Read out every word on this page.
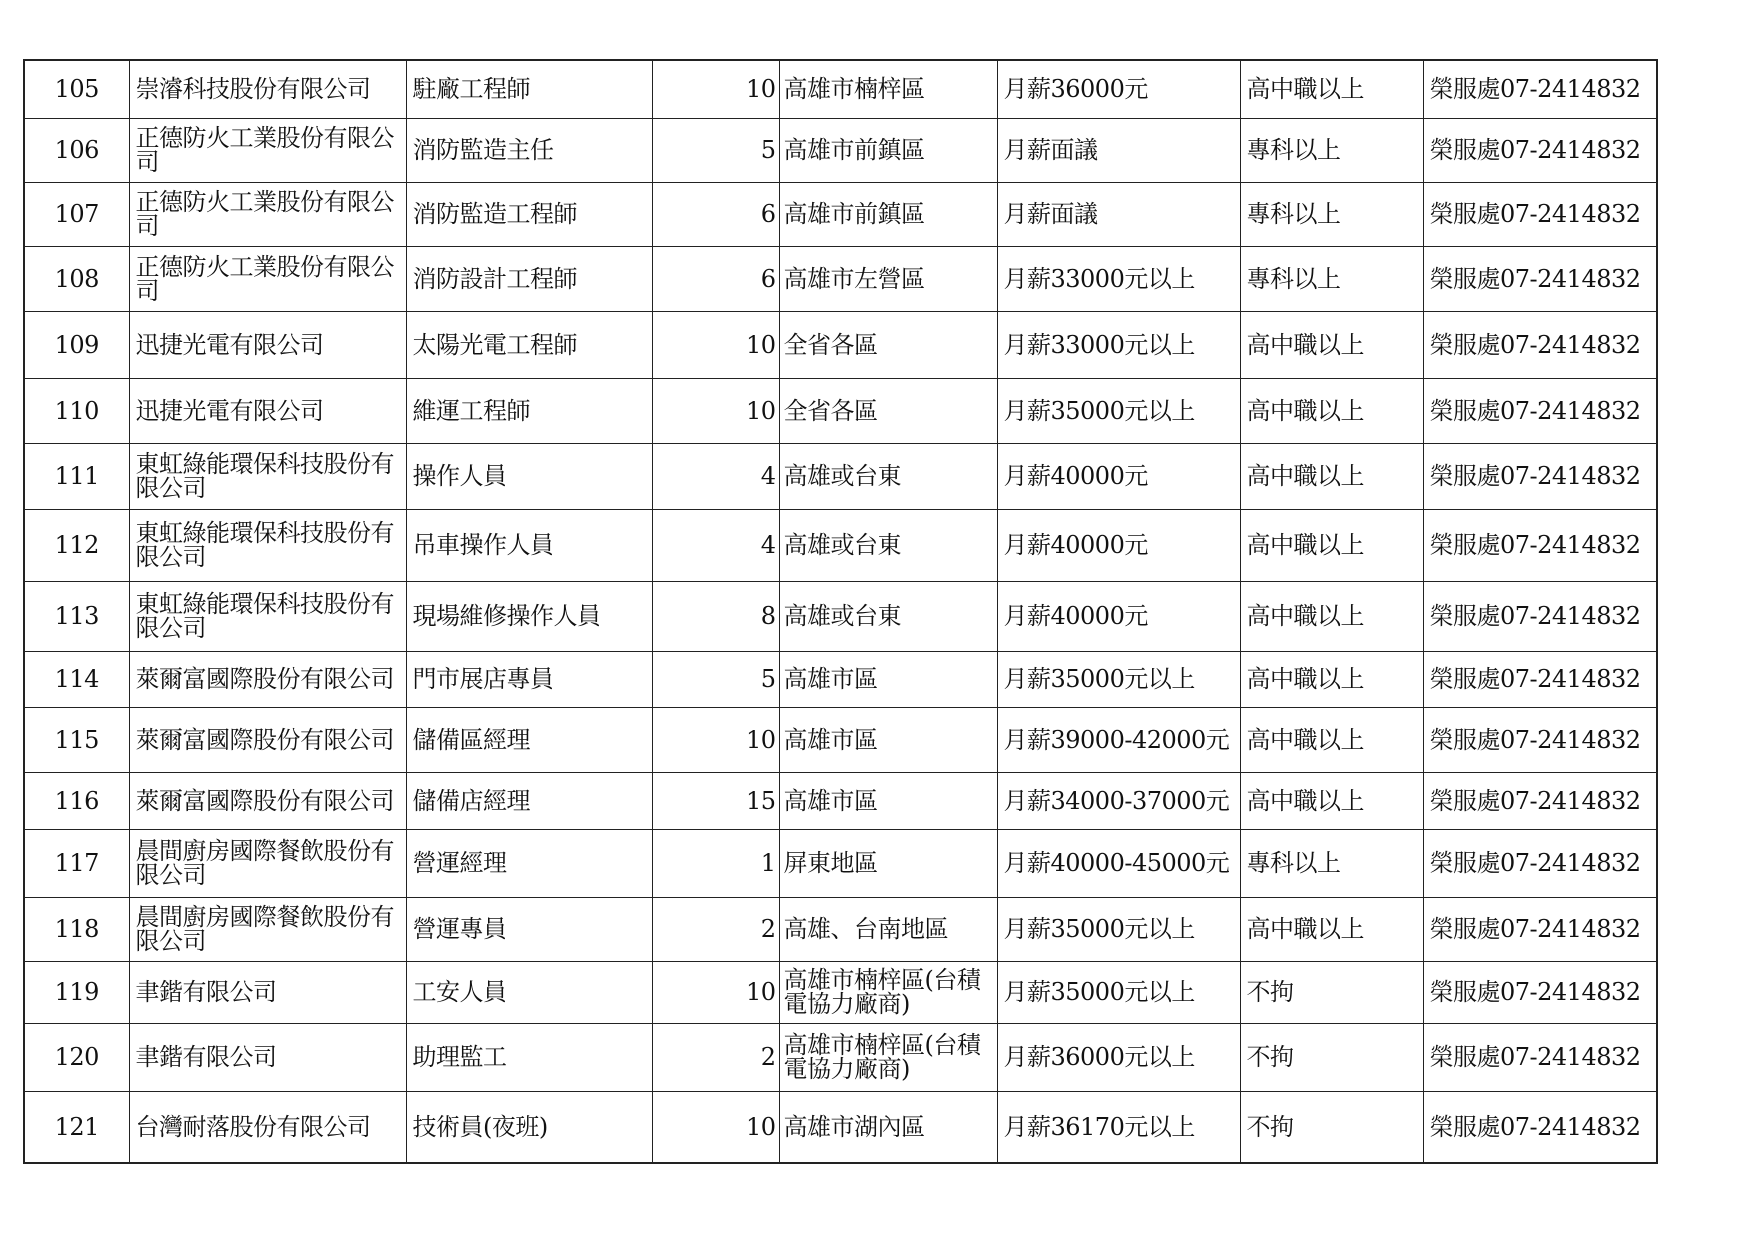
105	崇濬科技股份有限公司	駐廠工程師	10	高雄市楠梓區	月薪36000元	高中職以上	榮服處07-2414832
106	正德防火工業股份有限公司	消防監造主任	5	高雄市前鎮區	月薪面議	專科以上	榮服處07-2414832
107	正德防火工業股份有限公司	消防監造工程師	6	高雄市前鎮區	月薪面議	專科以上	榮服處07-2414832
108	正德防火工業股份有限公司	消防設計工程師	6	高雄市左營區	月薪33000元以上	專科以上	榮服處07-2414832
109	迅捷光電有限公司	太陽光電工程師	10	全省各區	月薪33000元以上	高中職以上	榮服處07-2414832
110	迅捷光電有限公司	維運工程師	10	全省各區	月薪35000元以上	高中職以上	榮服處07-2414832
111	東虹綠能環保科技股份有限公司	操作人員	4	高雄或台東	月薪40000元	高中職以上	榮服處07-2414832
112	東虹綠能環保科技股份有限公司	吊車操作人員	4	高雄或台東	月薪40000元	高中職以上	榮服處07-2414832
113	東虹綠能環保科技股份有限公司	現場維修操作人員	8	高雄或台東	月薪40000元	高中職以上	榮服處07-2414832
114	萊爾富國際股份有限公司	門市展店專員	5	高雄市區	月薪35000元以上	高中職以上	榮服處07-2414832
115	萊爾富國際股份有限公司	儲備區經理	10	高雄市區	月薪39000-42000元	高中職以上	榮服處07-2414832
116	萊爾富國際股份有限公司	儲備店經理	15	高雄市區	月薪34000-37000元	高中職以上	榮服處07-2414832
117	晨間廚房國際餐飲股份有限公司	營運經理	1	屏東地區	月薪40000-45000元	專科以上	榮服處07-2414832
118	晨間廚房國際餐飲股份有限公司	營運專員	2	高雄、台南地區	月薪35000元以上	高中職以上	榮服處07-2414832
119	聿鍇有限公司	工安人員	10	高雄市楠梓區(台積電協力廠商)	月薪35000元以上	不拘	榮服處07-2414832
120	聿鍇有限公司	助理監工	2	高雄市楠梓區(台積電協力廠商)	月薪36000元以上	不拘	榮服處07-2414832
121	台灣耐落股份有限公司	技術員(夜班)	10	高雄市湖內區	月薪36170元以上	不拘	榮服處07-2414832
